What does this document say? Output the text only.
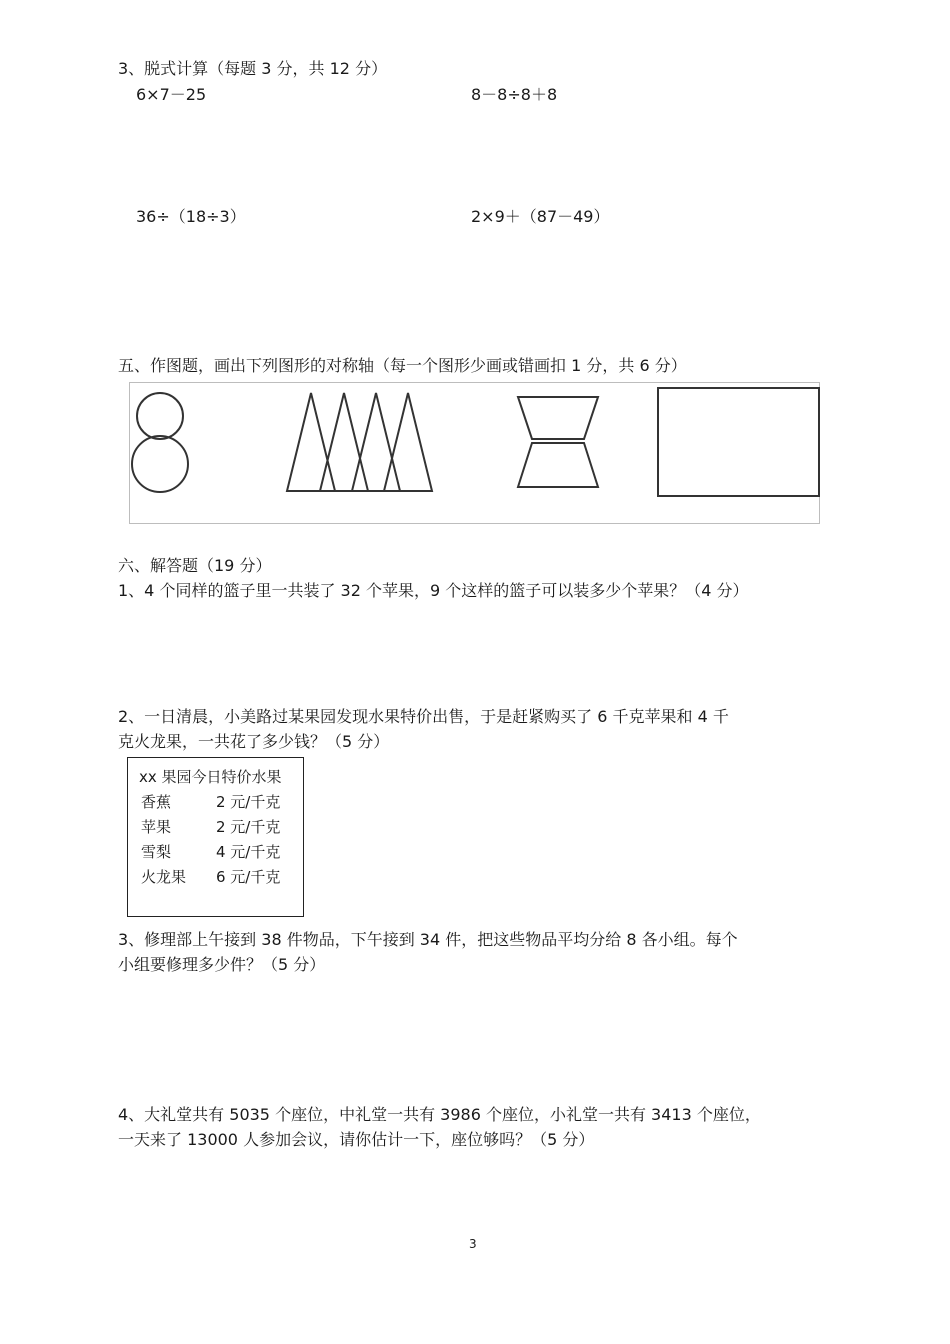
3、脱式计算（每题 3 分，共 12 分）
6×7－25	8－8÷8＋8
36÷（18÷3）	2×9＋（87－49）
五、作图题，画出下列图形的对称轴（每一个图形少画或错画扣 1 分，共 6 分）
六、解答题（19 分）
1、4 个同样的篮子里一共装了 32 个苹果，9 个这样的篮子可以装多少个苹果？（4 分）
2、一日清晨，小美路过某果园发现水果特价出售，于是赶紧购买了 6 千克苹果和 4 千
克火龙果，一共花了多少钱？（5 分）
xx 果园今日特价水果
香蕉	2 元/千克
苹果	2 元/千克
雪梨	4 元/千克
火龙果 6 元/千克
3、修理部上午接到 38 件物品，下午接到 34 件，把这些物品平均分给 8 各小组。每个
小组要修理多少件？（5 分）
4、大礼堂共有 5035 个座位，中礼堂一共有 3986 个座位，小礼堂一共有 3413 个座位，
一天来了 13000 人参加会议，请你估计一下，座位够吗？（5 分）
3
